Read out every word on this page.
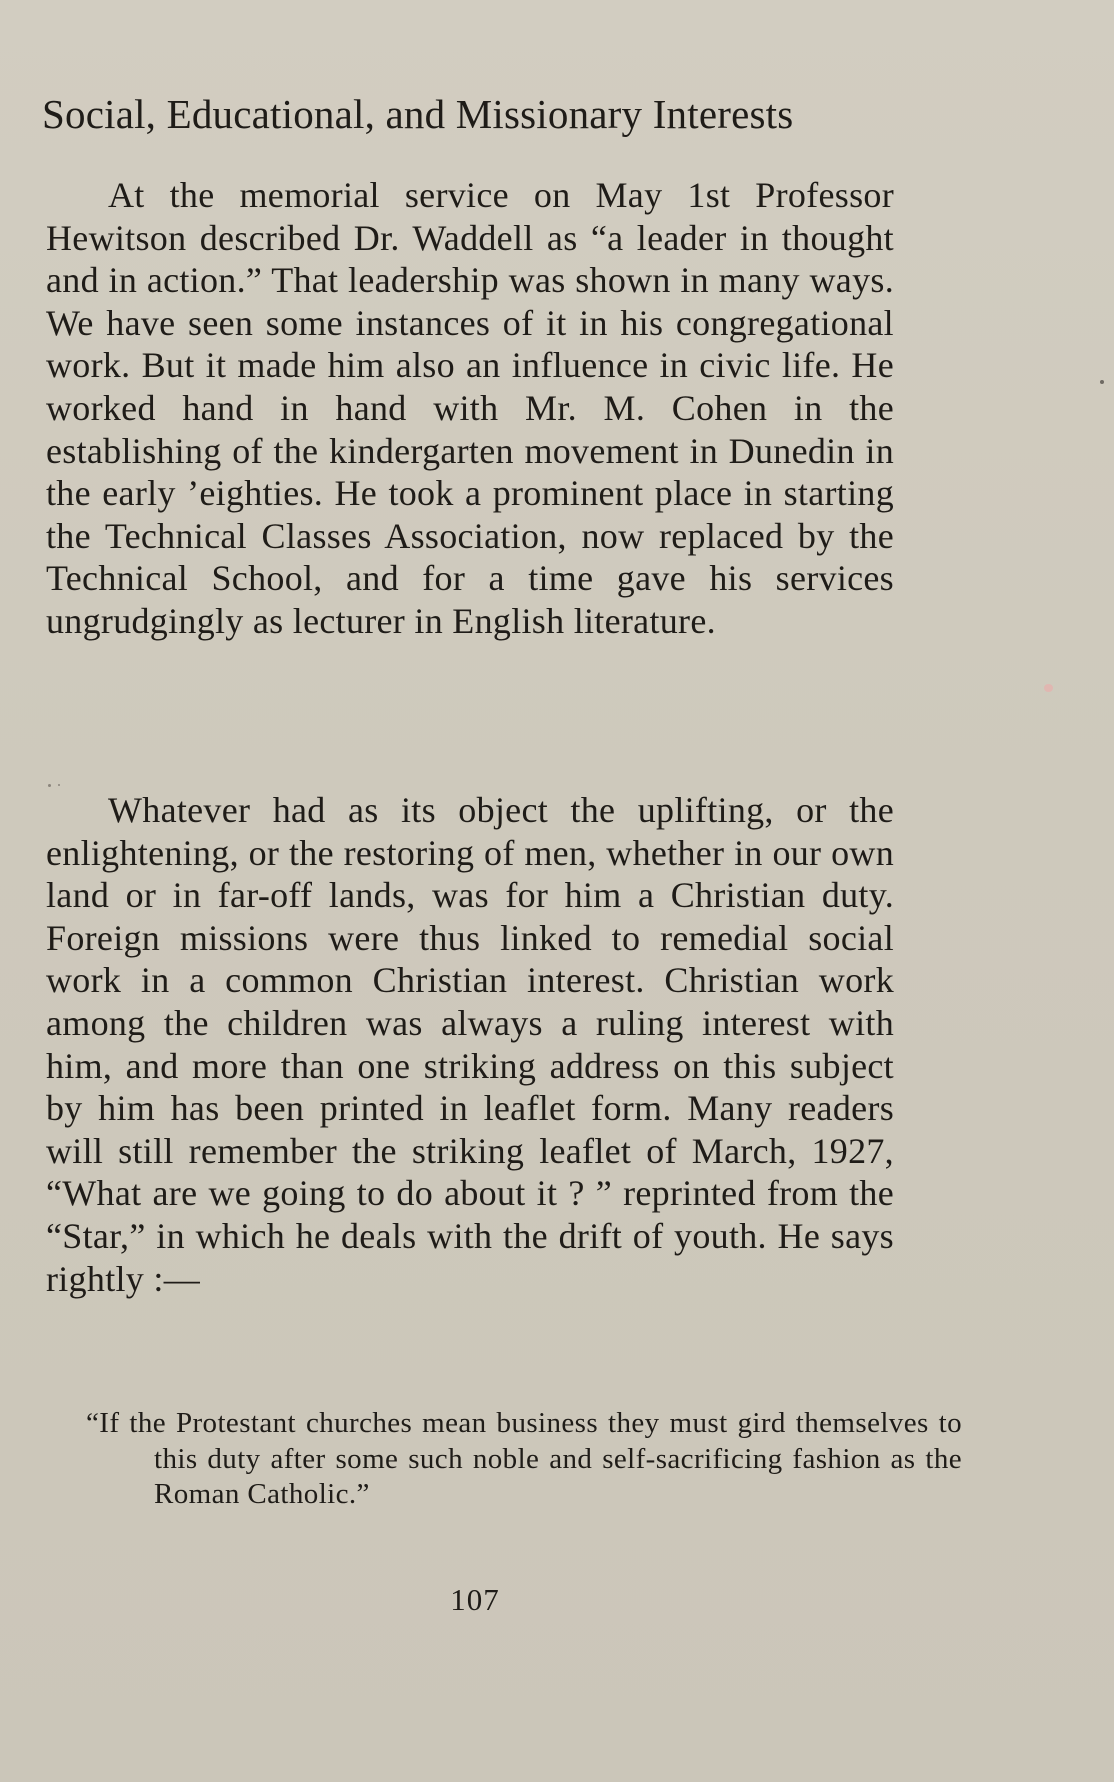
Social, Educational, and Missionary Interests

At the memorial service on May 1st Professor Hewitson described Dr. Waddell as “a leader in thought and in action.” That leadership was shown in many ways. We have seen some instances of it in his congregational work. But it made him also an influence in civic life. He worked hand in hand with Mr. M. Cohen in the establishing of the kindergarten movement in Dunedin in the early ’eighties. He took a prominent place in starting the Technical Classes Association, now replaced by the Technical School, and for a time gave his services ungrudgingly as lecturer in English literature.

Whatever had as its object the uplifting, or the enlightening, or the restoring of men, whether in our own land or in far-off lands, was for him a Christian duty. Foreign missions were thus linked to remedial social work in a common Christian interest. Christian work among the children was always a ruling interest with him, and more than one striking address on this subject by him has been printed in leaflet form. Many readers will still remember the striking leaflet of March, 1927, “What are we going to do about it ? ” reprinted from the “Star,” in which he deals with the drift of youth. He says rightly :—

“If the Protestant churches mean business they must gird themselves to this duty after some such noble and self-sacrificing fashion as the Roman Catholic.”

107
